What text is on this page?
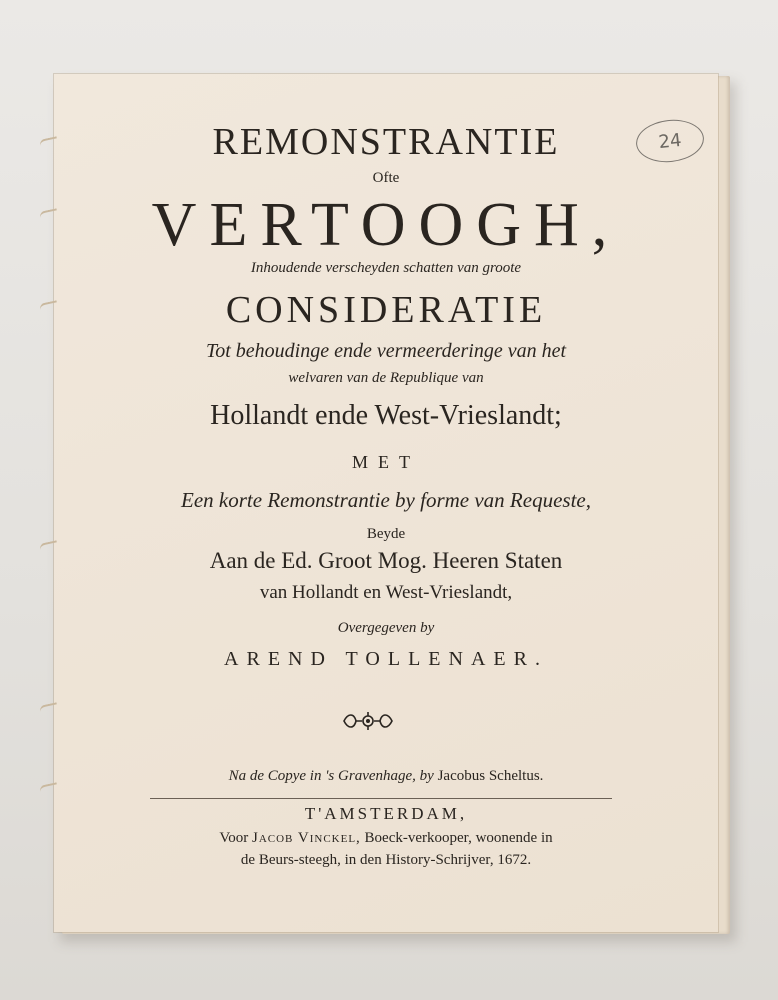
24
REMONSTRANTIE
Ofte
VERTOOGH,
Inhoudende verscheyden schatten van groote
CONSIDERATIE
Tot behoudinge ende vermeerderinge van het
welvaren van de Republique van
Hollandt ende West-Vrieslandt;
MET
Een korte Remonstrantie by forme van Requeste,
Beyde
Aan de Ed. Groot Mog. Heeren Staten
van Hollandt en West-Vrieslandt,
Overgegeven by
AREND TOLLENAER.
Na de Copye in 's Gravenhage, by Jacobus Scheltus.
T'AMSTERDAM,
Voor Jacob Vinckel, Boeck-verkooper, woonende in
de Beurs-steegh, in den History-Schrijver, 1672.
